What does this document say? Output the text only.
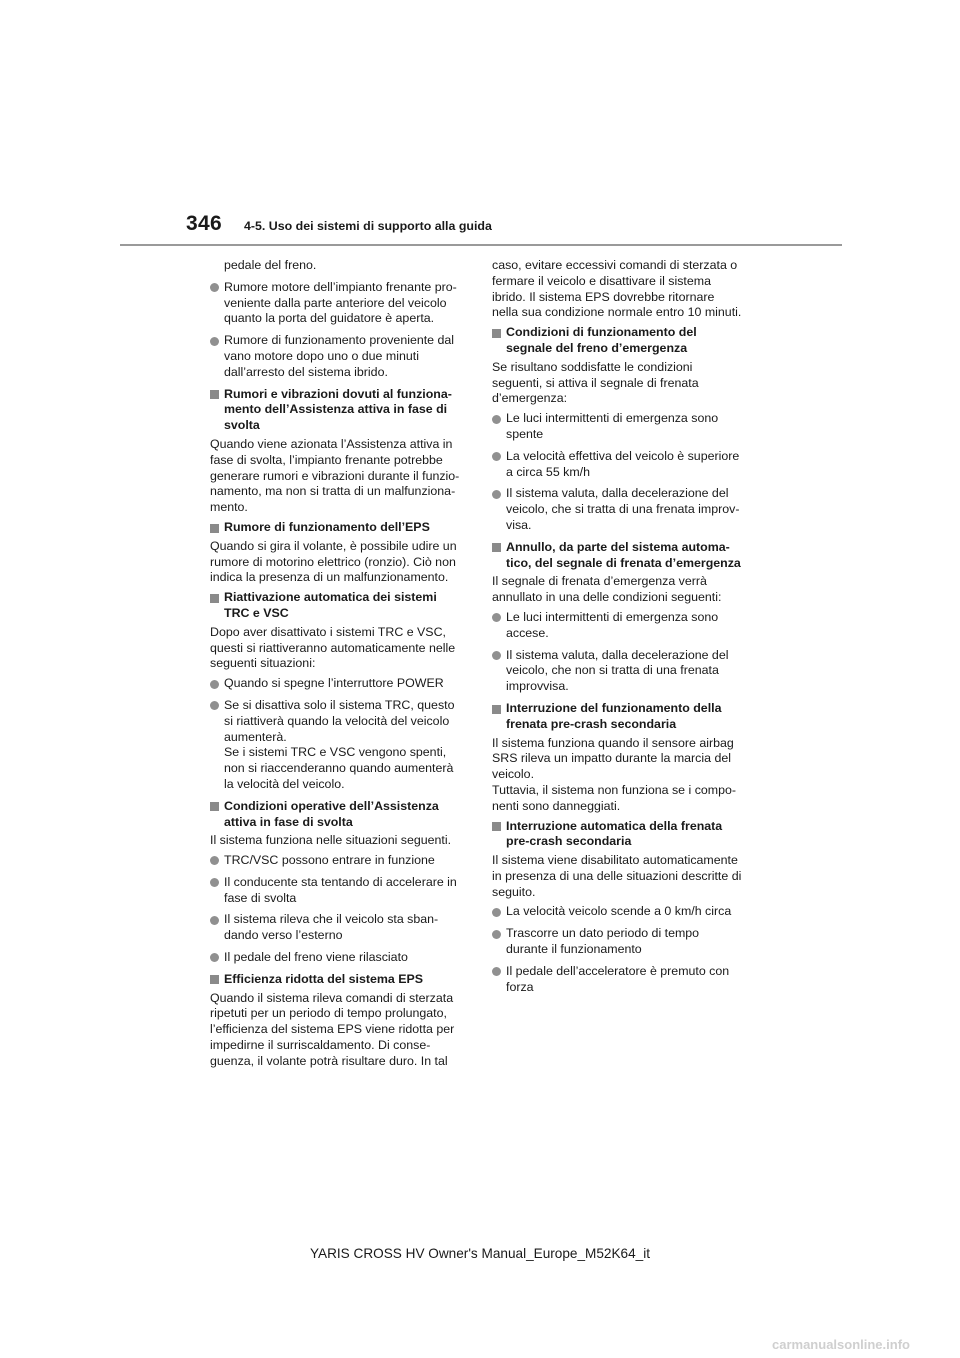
346 4-5. Uso dei sistemi di supporto alla guida
pedale del freno.
Rumore motore dell’impianto frenante pro-
veniente dalla parte anteriore del veicolo
quanto la porta del guidatore è aperta.
Rumore di funzionamento proveniente dal
vano motore dopo uno o due minuti
dall’arresto del sistema ibrido.
Rumori e vibrazioni dovuti al funziona-
mento dell’Assistenza attiva in fase di
svolta
Quando viene azionata l’Assistenza attiva in
fase di svolta, l’impianto frenante potrebbe
generare rumori e vibrazioni durante il funzio-
namento, ma non si tratta di un malfunziona-
mento.
Rumore di funzionamento dell’EPS
Quando si gira il volante, è possibile udire un
rumore di motorino elettrico (ronzio). Ciò non
indica la presenza di un malfunzionamento.
Riattivazione automatica dei sistemi
TRC e VSC
Dopo aver disattivato i sistemi TRC e VSC,
questi si riattiveranno automaticamente nelle
seguenti situazioni:
Quando si spegne l’interruttore POWER
Se si disattiva solo il sistema TRC, questo
si riattiverà quando la velocità del veicolo
aumenterà.
Se i sistemi TRC e VSC vengono spenti,
non si riaccenderanno quando aumenterà
la velocità del veicolo.
Condizioni operative dell’Assistenza
attiva in fase di svolta
Il sistema funziona nelle situazioni seguenti.
TRC/VSC possono entrare in funzione
Il conducente sta tentando di accelerare in
fase di svolta
Il sistema rileva che il veicolo sta sban-
dando verso l’esterno
Il pedale del freno viene rilasciato
Efficienza ridotta del sistema EPS
Quando il sistema rileva comandi di sterzata
ripetuti per un periodo di tempo prolungato,
l’efficienza del sistema EPS viene ridotta per
impedirne il surriscaldamento. Di conse-
guenza, il volante potrà risultare duro. In tal
caso, evitare eccessivi comandi di sterzata o
fermare il veicolo e disattivare il sistema
ibrido. Il sistema EPS dovrebbe ritornare
nella sua condizione normale entro 10 minuti.
Condizioni di funzionamento del
segnale del freno d’emergenza
Se risultano soddisfatte le condizioni
seguenti, si attiva il segnale di frenata
d’emergenza:
Le luci intermittenti di emergenza sono
spente
La velocità effettiva del veicolo è superiore
a circa 55 km/h
Il sistema valuta, dalla decelerazione del
veicolo, che si tratta di una frenata improv-
visa.
Annullo, da parte del sistema automa-
tico, del segnale di frenata d’emergenza
Il segnale di frenata d’emergenza verrà
annullato in una delle condizioni seguenti:
Le luci intermittenti di emergenza sono
accese.
Il sistema valuta, dalla decelerazione del
veicolo, che non si tratta di una frenata
improvvisa.
Interruzione del funzionamento della
frenata pre-crash secondaria
Il sistema funziona quando il sensore airbag
SRS rileva un impatto durante la marcia del
veicolo.
Tuttavia, il sistema non funziona se i compo-
nenti sono danneggiati.
Interruzione automatica della frenata
pre-crash secondaria
Il sistema viene disabilitato automaticamente
in presenza di una delle situazioni descritte di
seguito.
La velocità veicolo scende a 0 km/h circa
Trascorre un dato periodo di tempo
durante il funzionamento
Il pedale dell’acceleratore è premuto con
forza
YARIS CROSS HV Owner's Manual_Europe_M52K64_it
carmanualsonline.info
